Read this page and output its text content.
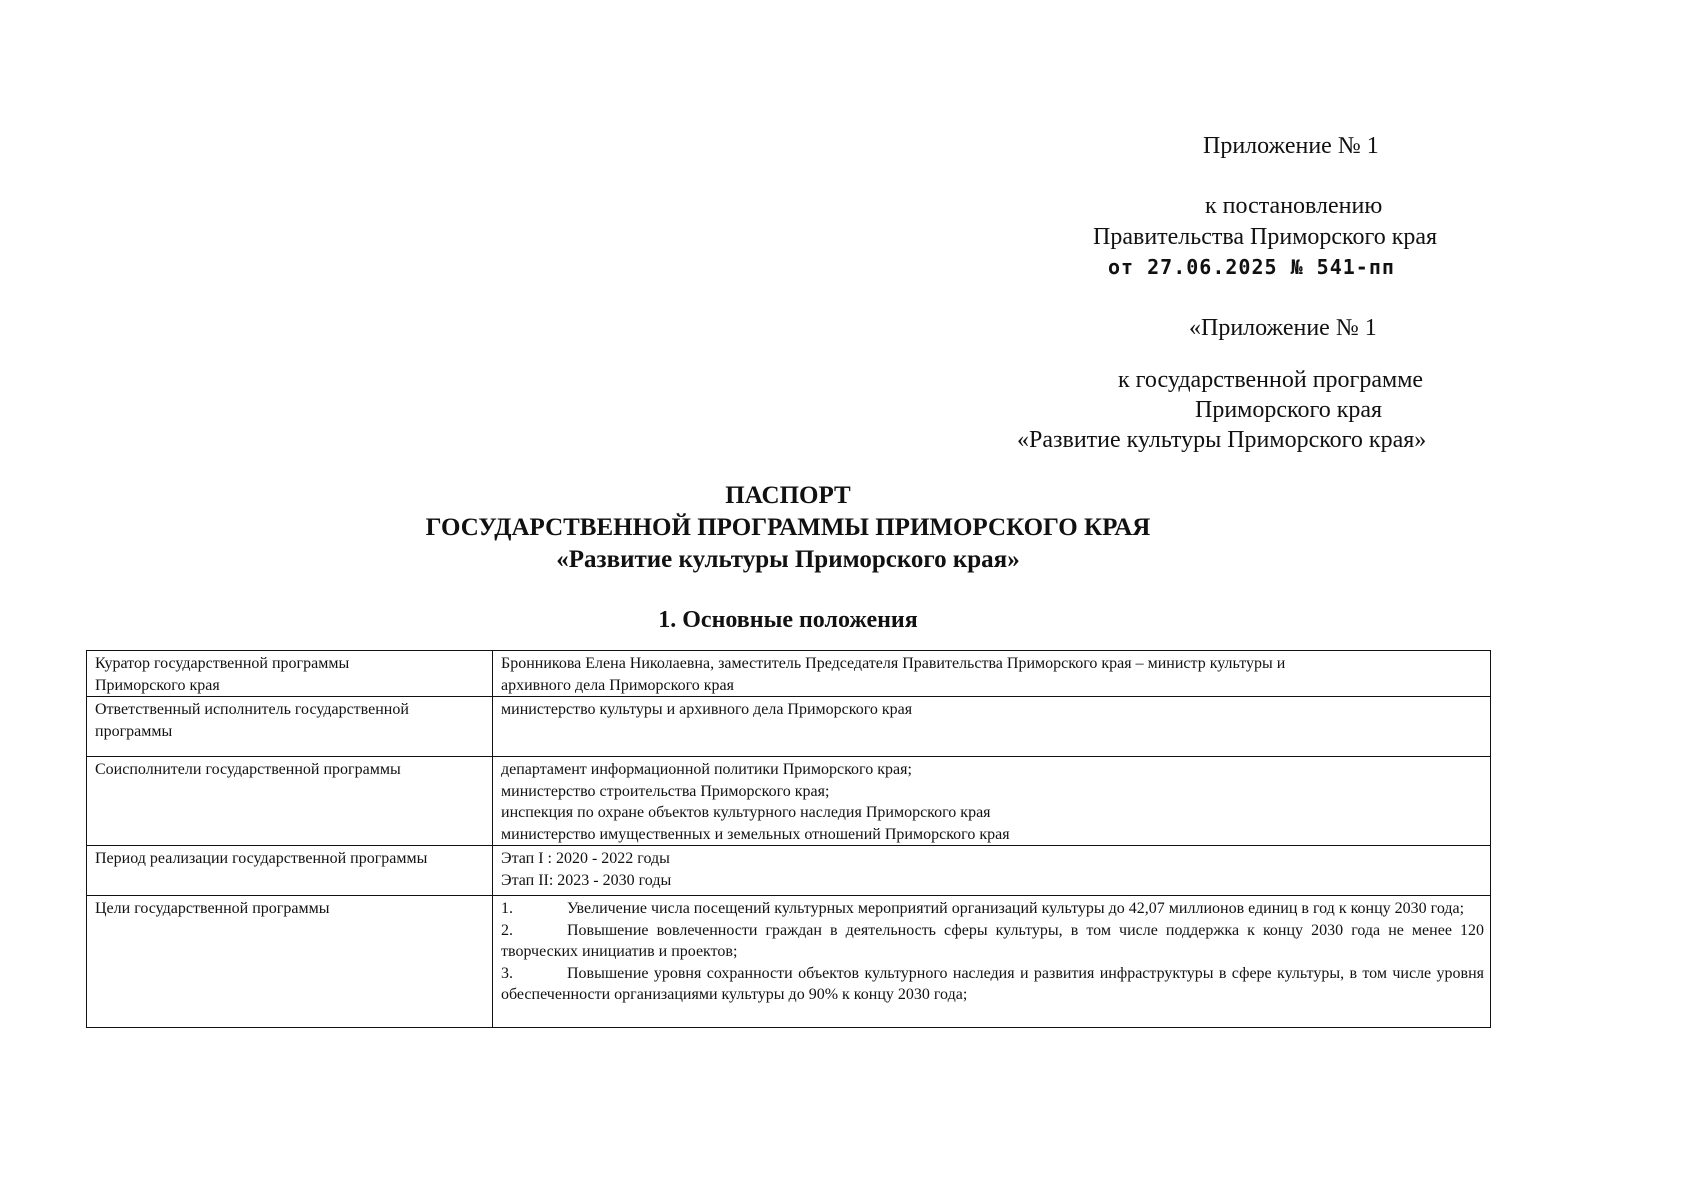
Приложение № 1
к постановлению
Правительства Приморского края
от 27.06.2025 № 541-пп
«Приложение № 1
к государственной программе
Приморского края
«Развитие культуры Приморского края»
ПАСПОРТ
ГОСУДАРСТВЕННОЙ ПРОГРАММЫ ПРИМОРСКОГО КРАЯ
«Развитие культуры Приморского края»
1. Основные положения
Куратор государственной программы
Приморского края	Бронникова Елена Николаевна, заместитель Председателя Правительства Приморского края – министр культуры и
архивного дела Приморского края

Ответственный исполнитель государственной
программы	министерство культуры и архивного дела Приморского края

Соисполнители государственной программы	департамент информационной политики Приморского края;
министерство строительства Приморского края;
инспекция по охране объектов культурного наследия Приморского края
министерство имущественных и земельных отношений Приморского края

Период реализации государственной программы	Этап I : 2020 - 2022 годы
Этап II: 2023 - 2030 годы

Цели государственной программы	1. Увеличение числа посещений культурных мероприятий организаций культуры до 42,07 миллионов единиц в год к концу 2030 года;
2. Повышение вовлеченности граждан в деятельность сферы культуры, в том числе поддержка к концу 2030 года не менее 120 творческих инициатив и проектов;
3. Повышение уровня сохранности объектов культурного наследия и развития инфраструктуры в сфере культуры, в том числе уровня обеспеченности организациями культуры до 90% к концу 2030 года;
